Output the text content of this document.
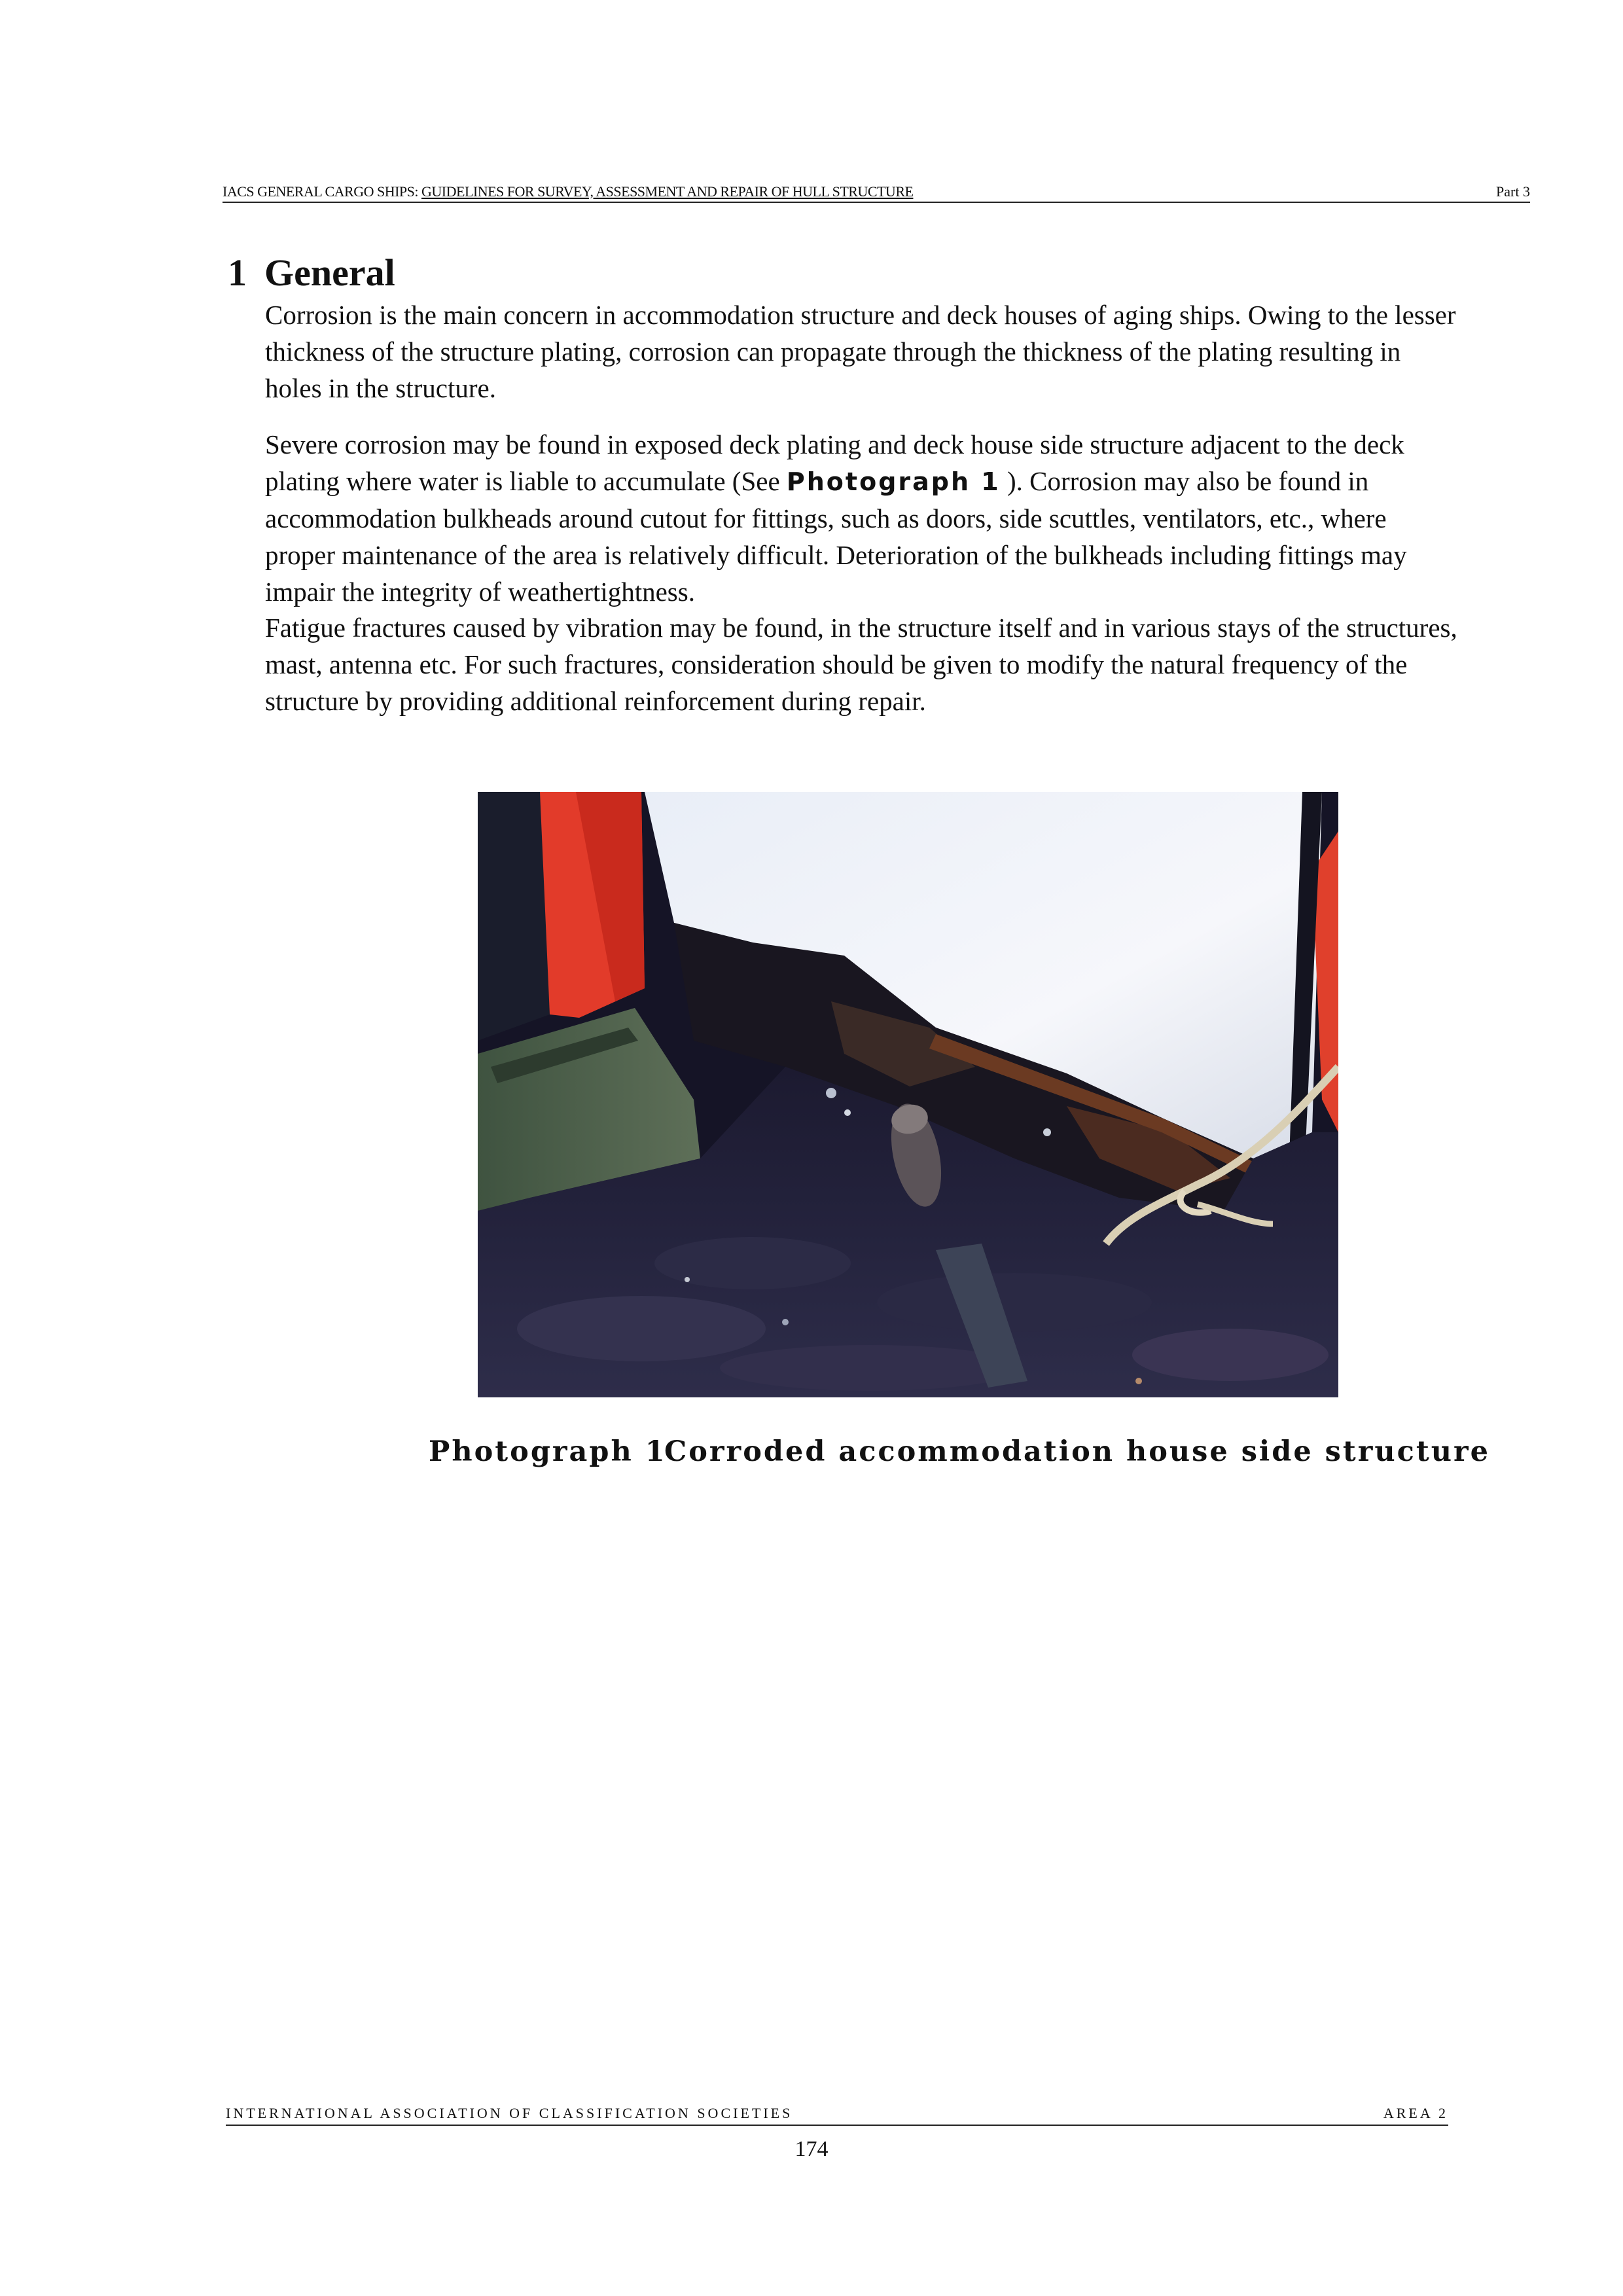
IACS GENERAL CARGO SHIPS: GUIDELINES FOR SURVEY, ASSESSMENT AND REPAIR OF HULL STRUCTURE	Part 3
1 General
Corrosion is the main concern in accommodation structure and deck houses of aging ships. Owing to the lesser thickness of the structure plating, corrosion can propagate through the thickness of the plating resulting in holes in the structure.
Severe corrosion may be found in exposed deck plating and deck house side structure adjacent to the deck plating where water is liable to accumulate (See Photograph 1 ). Corrosion may also be found in accommodation bulkheads around cutout for fittings, such as doors, side scuttles, ventilators, etc., where proper maintenance of the area is relatively difficult. Deterioration of the bulkheads including fittings may impair the integrity of weathertightness.
Fatigue fractures caused by vibration may be found, in the structure itself and in various stays of the structures, mast, antenna etc. For such fractures, consideration should be given to modify the natural frequency of the structure by providing additional reinforcement during repair.
Photograph 1Corroded accommodation house side structure
INTERNATIONAL ASSOCIATION OF CLASSIFICATION SOCIETIES	AREA 2
174
